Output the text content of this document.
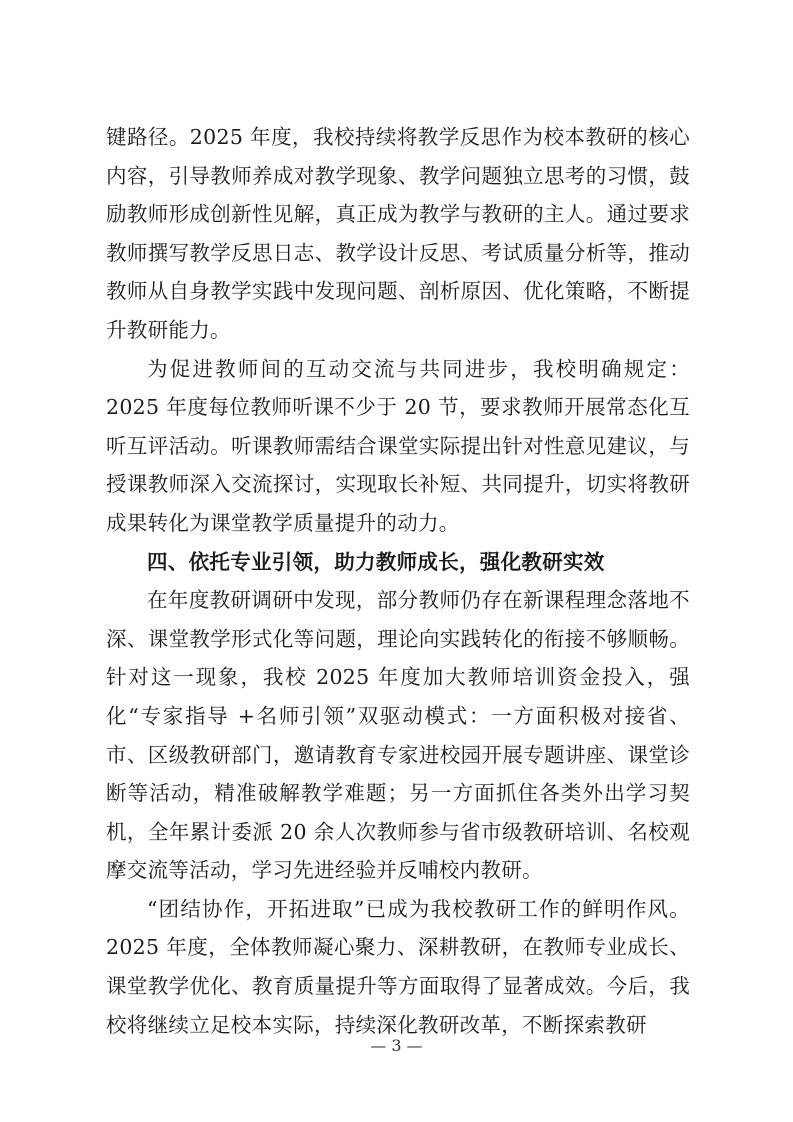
键路径。2025 年度，我校持续将教学反思作为校本教研的核心内容，引导教师养成对教学现象、教学问题独立思考的习惯，鼓励教师形成创新性见解，真正成为教学与教研的主人。通过要求教师撰写教学反思日志、教学设计反思、考试质量分析等，推动教师从自身教学实践中发现问题、剖析原因、优化策略，不断提升教研能力。

为促进教师间的互动交流与共同进步，我校明确规定：2025 年度每位教师听课不少于 20 节，要求教师开展常态化互听互评活动。听课教师需结合课堂实际提出针对性意见建议，与授课教师深入交流探讨，实现取长补短、共同提升，切实将教研成果转化为课堂教学质量提升的动力。

四、依托专业引领，助力教师成长，强化教研实效

在年度教研调研中发现，部分教师仍存在新课程理念落地不深、课堂教学形式化等问题，理论向实践转化的衔接不够顺畅。针对这一现象，我校 2025 年度加大教师培训资金投入，强化“专家指导 +名师引领”双驱动模式：一方面积极对接省、市、区级教研部门，邀请教育专家进校园开展专题讲座、课堂诊断等活动，精准破解教学难题；另一方面抓住各类外出学习契机，全年累计委派 20 余人次教师参与省市级教研培训、名校观摩交流等活动，学习先进经验并反哺校内教研。

“团结协作，开拓进取”已成为我校教研工作的鲜明作风。2025 年度，全体教师凝心聚力、深耕教研，在教师专业成长、课堂教学优化、教育质量提升等方面取得了显著成效。今后，我校将继续立足校本实际，持续深化教研改革，不断探索教研

— 3 —
